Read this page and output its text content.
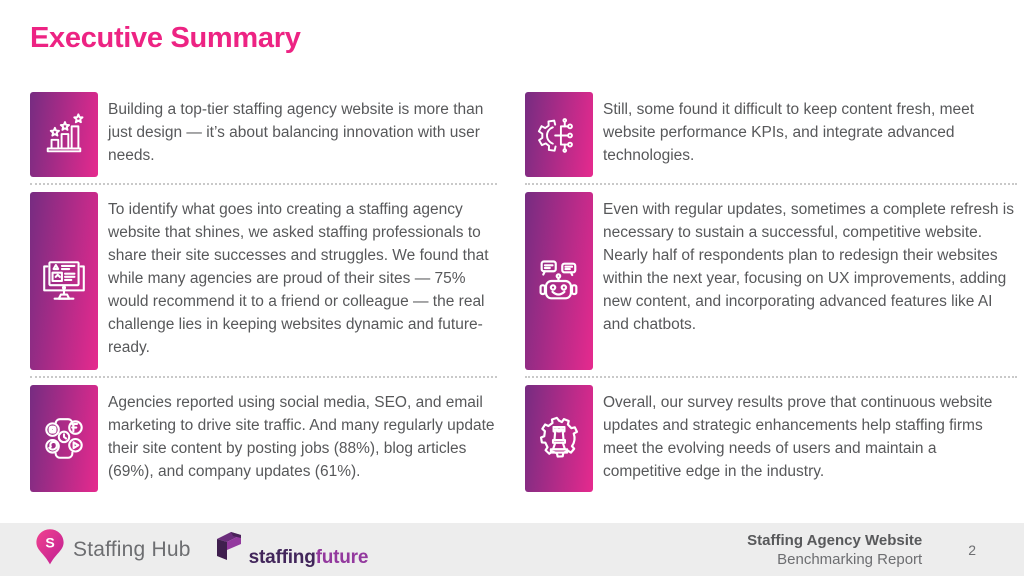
Executive Summary
Building a top-tier staffing agency website is more than just design — it’s about balancing innovation with user needs.
To identify what goes into creating a staffing agency website that shines, we asked staffing professionals to share their site successes and struggles. We found that while many agencies are proud of their sites — 75% would recommend it to a friend or colleague — the real challenge lies in keeping websites dynamic and future-ready.
Agencies reported using social media, SEO, and email marketing to drive site traffic. And many regularly update their site content by posting jobs (88%), blog articles (69%), and company updates (61%).
Still, some found it difficult to keep content fresh, meet website performance KPIs, and integrate advanced technologies.
Even with regular updates, sometimes a complete refresh is necessary to sustain a successful, competitive website. Nearly half of respondents plan to redesign their websites within the next year, focusing on UX improvements, adding new content, and incorporating advanced features like AI and chatbots.
Overall, our survey results prove that continuous website updates and strategic enhancements help staffing firms meet the evolving needs of users and maintain a competitive edge in the industry.
S Staffing Hub	staffingfuture
Staffing Agency Website
Benchmarking Report
2
